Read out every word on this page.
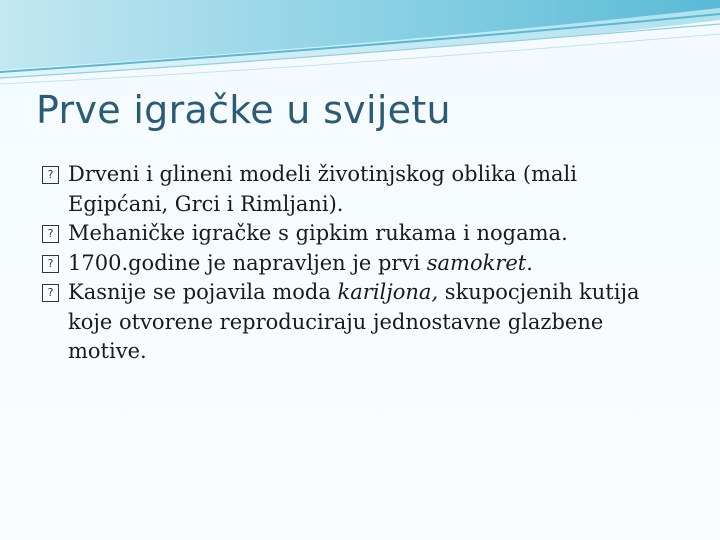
Prve igračke u svijetu

? Drveni i glineni modeli životinjskog oblika (mali Egipćani, Grci i Rimljani).

? Mehaničke igračke s gipkim rukama i nogama.

? 1700.godine je napravljen je prvi samokret.

? Kasnije se pojavila moda kariljona, skupocjenih kutija koje otvorene reproduciraju jednostavne glazbene motive.
